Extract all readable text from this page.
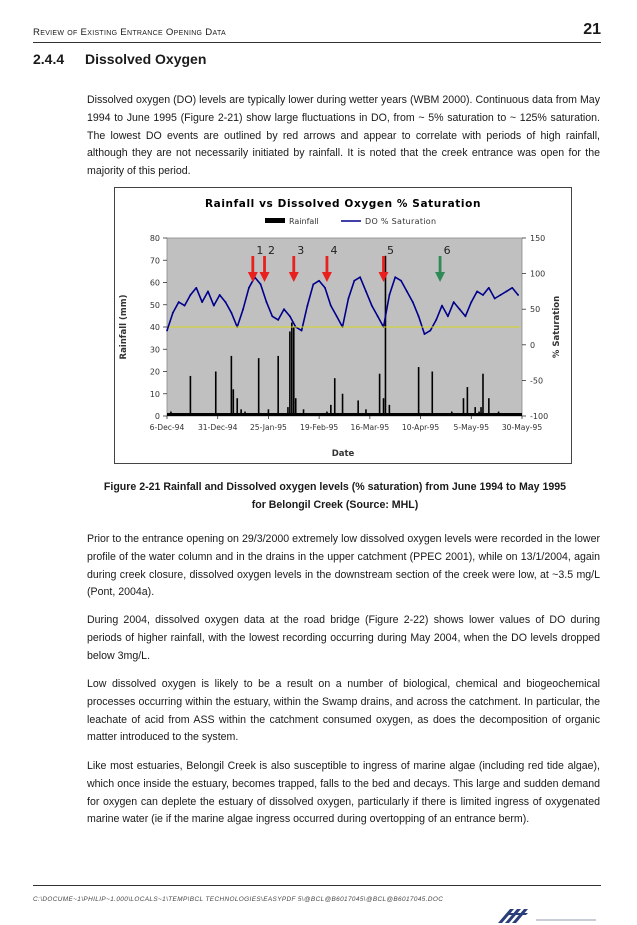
Review of Existing Entrance Opening Data	21
2.4.4 Dissolved Oxygen

Dissolved oxygen (DO) levels are typically lower during wetter years (WBM 2000). Continuous data from May 1994 to June 1995 (Figure 2-21) show large fluctuations in DO, from ~ 5% saturation to ~ 125% saturation. The lowest DO events are outlined by red arrows and appear to correlate with periods of high rainfall, although they are not necessarily initiated by rainfall. It is noted that the creek entrance was open for the majority of this period.

Rainfall vs Dissolved Oxygen % Saturation
Rainfall	DO % Saturation
0
10
20
30
40
50
60
70
80
-100
-50
0
50
100
150
6-Dec-94 31-Dec-94 25-Jan-95 19-Feb-95 16-Mar-95 10-Apr-95 5-May-95 30-May-95
Date
Rainfall (mm)	% Saturation
1 2 3 4	5	6
Figure 2-21 Rainfall and Dissolved oxygen levels (% saturation) from June 1994 to May 1995
for Belongil Creek (Source: MHL)

Prior to the entrance opening on 29/3/2000 extremely low dissolved oxygen levels were recorded in the lower profile of the water column and in the drains in the upper catchment (PPEC 2001), while on 13/1/2004, again during creek closure, dissolved oxygen levels in the downstream section of the creek were low, at ~3.5 mg/L (Pont, 2004a).

During 2004, dissolved oxygen data at the road bridge (Figure 2-22) shows lower values of DO during periods of higher rainfall, with the lowest recording occurring during May 2004, when the DO levels dropped below 3mg/L.

Low dissolved oxygen is likely to be a result on a number of biological, chemical and biogeochemical processes occurring within the estuary, within the Swamp drains, and across the catchment. In particular, the leachate of acid from ASS within the catchment consumed oxygen, as does the decomposition of organic matter introduced to the system.

Like most estuaries, Belongil Creek is also susceptible to ingress of marine algae (including red tide algae), which once inside the estuary, becomes trapped, falls to the bed and decays. This large and sudden demand for oxygen can deplete the estuary of dissolved oxygen, particularly if there is limited ingress of oxygenated marine water (ie if the marine algae ingress occurred during overtopping of an entrance berm).

C:\DOCUME~1\PHILIP~1.000\LOCALS~1\TEMP\BCL TECHNOLOGIES\EASYPDF 5\@BCL@B6017045\@BCL@B6017045.DOC
